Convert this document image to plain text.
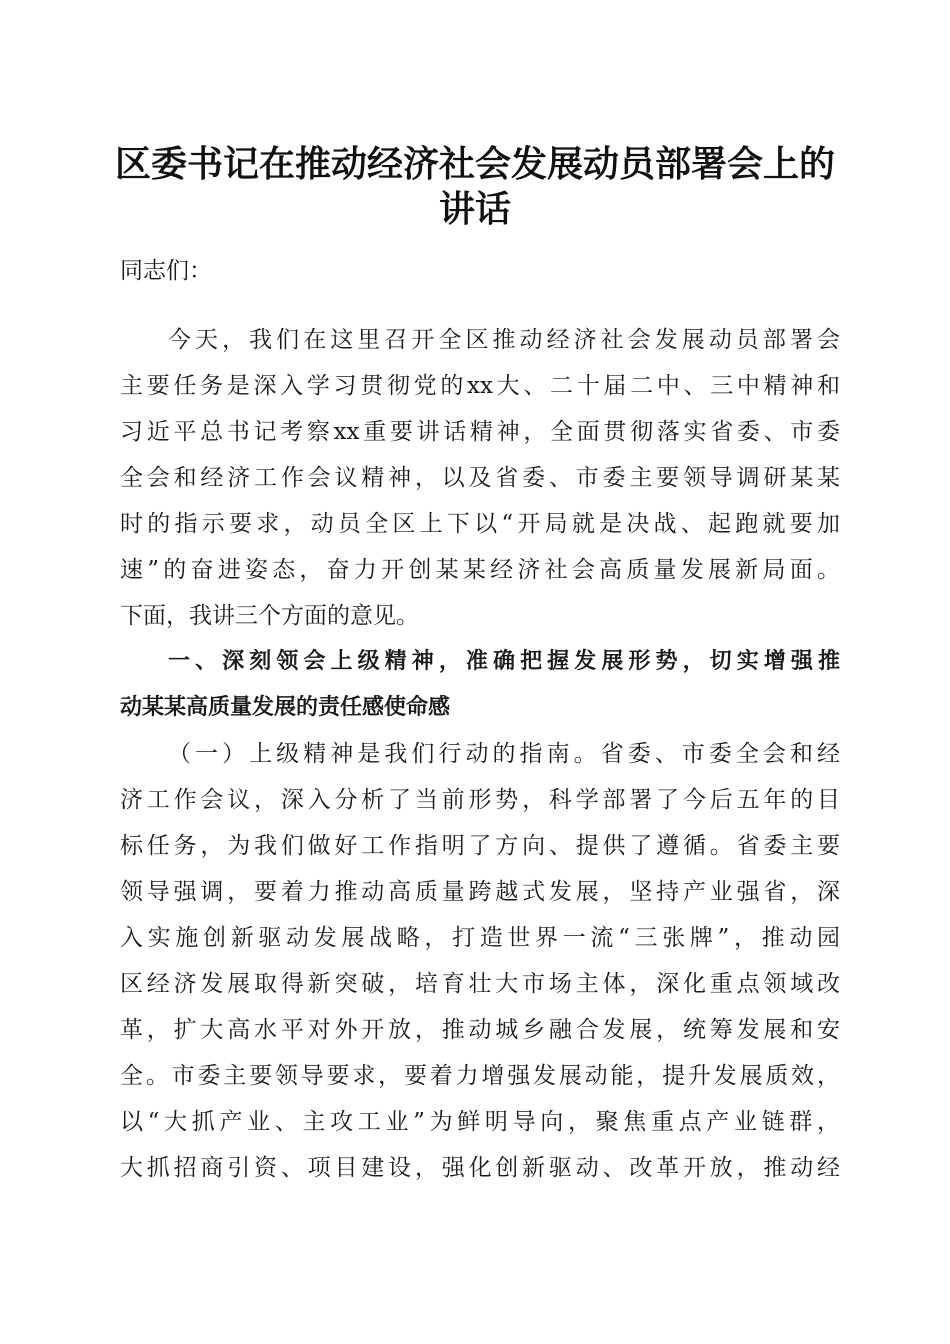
区委书记在推动经济社会发展动员部署会上的
讲话

同志们：

今天，我们在这里召开全区推动经济社会发展动员部署会

主要任务是深入学习贯彻党的xx大、二十届二中、三中精神和

习近平总书记考察xx重要讲话精神，全面贯彻落实省委、市委

全会和经济工作会议精神，以及省委、市委主要领导调研某某

时的指示要求，动员全区上下以“开局就是决战、起跑就要加

速”的奋进姿态，奋力开创某某经济社会高质量发展新局面。

下面，我讲三个方面的意见。

一、深刻领会上级精神，准确把握发展形势，切实增强推

动某某高质量发展的责任感使命感

（一）上级精神是我们行动的指南。省委、市委全会和经

济工作会议，深入分析了当前形势，科学部署了今后五年的目

标任务，为我们做好工作指明了方向、提供了遵循。省委主要

领导强调，要着力推动高质量跨越式发展，坚持产业强省，深

入实施创新驱动发展战略，打造世界一流“三张牌”，推动园

区经济发展取得新突破，培育壮大市场主体，深化重点领域改

革，扩大高水平对外开放，推动城乡融合发展，统筹发展和安

全。市委主要领导要求，要着力增强发展动能，提升发展质效，

以“大抓产业、主攻工业”为鲜明导向，聚焦重点产业链群，

大抓招商引资、项目建设，强化创新驱动、改革开放，推动经
